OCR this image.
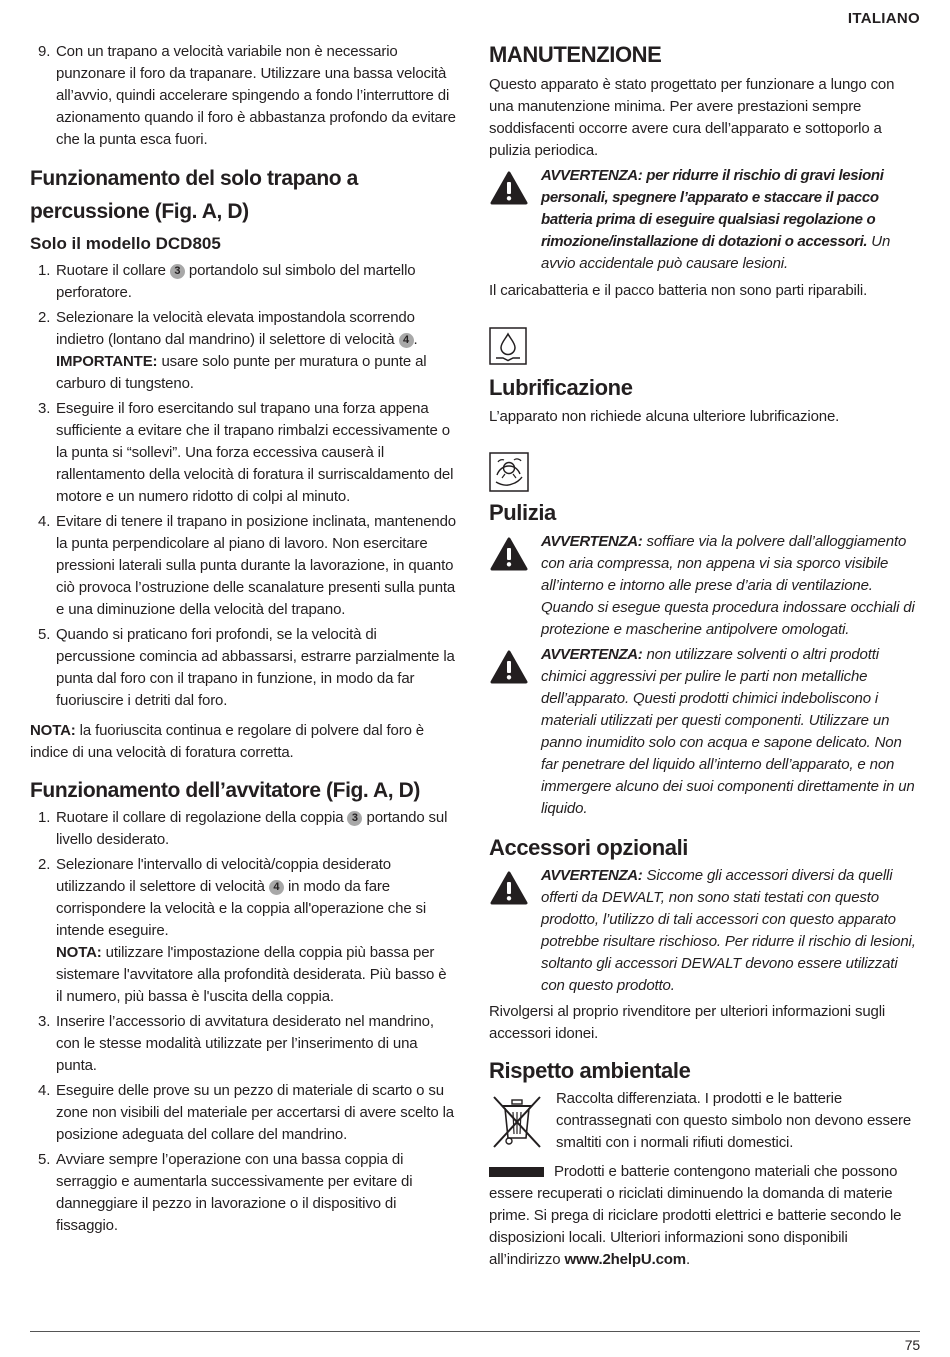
ITALIANO
9. Con un trapano a velocità variabile non è necessario punzonare il foro da trapanare. Utilizzare una bassa velocità all’avvio, quindi accelerare spingendo a fondo l’interruttore di azionamento quando il foro è abbastanza profondo da evitare che la punta esca fuori.
Funzionamento del solo trapano a percussione (Fig. A, D)
Solo il modello DCD805
1. Ruotare il collare 3 portandolo sul simbolo del martello perforatore.
2. Selezionare la velocità elevata impostandola scorrendo indietro (lontano dal mandrino) il selettore di velocità 4 .
IMPORTANTE: usare solo punte per muratura o punte al carburo di tungsteno.
3. Eseguire il foro esercitando sul trapano una forza appena sufficiente a evitare che il trapano rimbalzi eccessivamente o la punta si “sollevi”. Una forza eccessiva causerà il rallentamento della velocità di foratura il surriscaldamento del motore e un numero ridotto di colpi al minuto.
4. Evitare di tenere il trapano in posizione inclinata, mantenendo la punta perpendicolare al piano di lavoro. Non esercitare pressioni laterali sulla punta durante la lavorazione, in quanto ciò provoca l’ostruzione delle scanalature presenti sulla punta e una diminuzione della velocità del trapano.
5. Quando si praticano fori profondi, se la velocità di percussione comincia ad abbassarsi, estrarre parzialmente la punta dal foro con il trapano in funzione, in modo da far fuoriuscire i detriti dal foro.

NOTA: la fuoriuscita continua e regolare di polvere dal foro è indice di una velocità di foratura corretta.

Funzionamento dell’avvitatore (Fig. A, D)
1. Ruotare il collare di regolazione della coppia 3 portando sul livello desiderato.
2. Selezionare l'intervallo di velocità/coppia desiderato utilizzando il selettore di velocità 4 in modo da fare corrispondere la velocità e la coppia all'operazione che si intende eseguire.
NOTA: utilizzare l'impostazione della coppia più bassa per sistemare l'avvitatore alla profondità desiderata. Più basso è il numero, più bassa è l'uscita della coppia.
3. Inserire l’accessorio di avvitatura desiderato nel mandrino, con le stesse modalità utilizzate per l’inserimento di una punta.
4. Eseguire delle prove su un pezzo di materiale di scarto o su zone non visibili del materiale per accertarsi di avere scelto la posizione adeguata del collare del mandrino.
5. Avviare sempre l’operazione con una bassa coppia di serraggio e aumentarla successivamente per evitare di danneggiare il pezzo in lavorazione o il dispositivo di fissaggio.
MANUTENZIONE

Questo apparato è stato progettato per funzionare a lungo con una manutenzione minima. Per avere prestazioni sempre soddisfacenti occorre avere cura dell’apparato e sottoporlo a pulizia periodica.

AVVERTENZA: per ridurre il rischio di gravi lesioni personali, spegnere l’apparato e staccare il pacco batteria prima di eseguire qualsiasi regolazione o rimozione/installazione di dotazioni o accessori. Un avvio accidentale può causare lesioni.

Il caricabatteria e il pacco batteria non sono parti riparabili.

Lubrificazione

L’apparato non richiede alcuna ulteriore lubrificazione.

Pulizia
AVVERTENZA: soffiare via la polvere dall’alloggiamento con aria compressa, non appena vi sia sporco visibile all’interno e intorno alle prese d’aria di ventilazione. Quando si esegue questa procedura indossare occhiali di protezione e mascherine antipolvere omologati.
AVVERTENZA: non utilizzare solventi o altri prodotti chimici aggressivi per pulire le parti non metalliche dell’apparato. Questi prodotti chimici indeboliscono i materiali utilizzati per questi componenti. Utilizzare un panno inumidito solo con acqua e sapone delicato. Non far penetrare del liquido all’interno dell’apparato, e non immergere alcuno dei suoi componenti direttamente in un liquido.
Accessori opzionali
AVVERTENZA: Siccome gli accessori diversi da quelli offerti da DEWALT, non sono stati testati con questo prodotto, l’utilizzo di tali accessori con questo apparato potrebbe risultare rischioso. Per ridurre il rischio di lesioni, soltanto gli accessori DEWALT devono essere utilizzati con questo prodotto.

Rivolgersi al proprio rivenditore per ulteriori informazioni sugli accessori idonei.

Rispetto ambientale

Raccolta differenziata. I prodotti e le batterie contrassegnati con questo simbolo non devono essere smaltiti con i normali rifiuti domestici.

Prodotti e batterie contengono materiali che possono essere recuperati o riciclati diminuendo la domanda di materie prime. Si prega di riciclare prodotti elettrici e batterie secondo le disposizioni locali. Ulteriori informazioni sono disponibili all’indirizzo www.2helpU.com.

75
